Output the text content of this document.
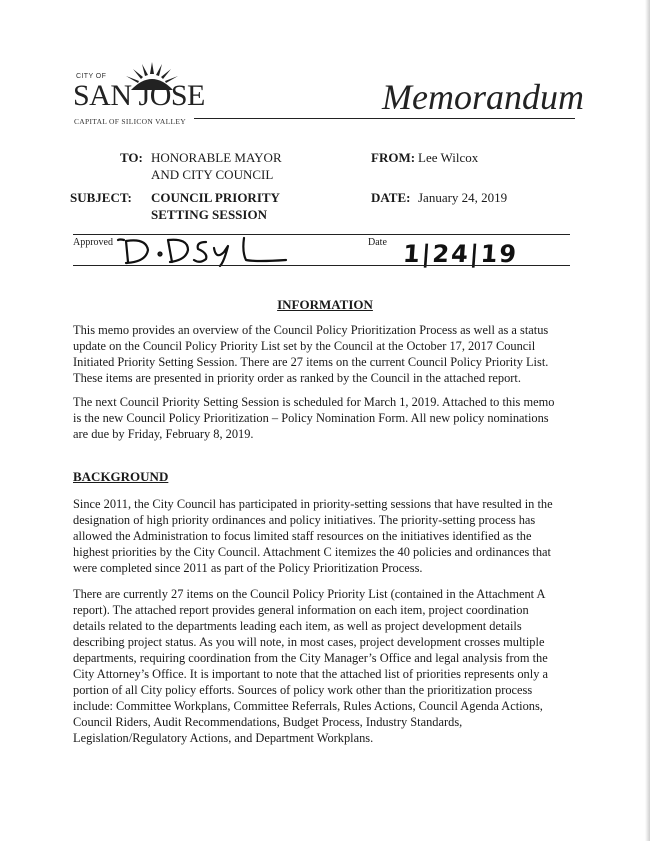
CITY OF
SAN JOSE
CAPITAL OF SILICON VALLEY
Memorandum
TO: HONORABLE MAYOR
AND CITY COUNCIL
FROM: Lee Wilcox
SUBJECT: COUNCIL PRIORITY
SETTING SESSION
DATE: January 24, 2019
Approved	Date 1|24|19
INFORMATION
This memo provides an overview of the Council Policy Prioritization Process as well as a status
update on the Council Policy Priority List set by the Council at the October 17, 2017 Council
Initiated Priority Setting Session. There are 27 items on the current Council Policy Priority List.
These items are presented in priority order as ranked by the Council in the attached report.
The next Council Priority Setting Session is scheduled for March 1, 2019. Attached to this memo
is the new Council Policy Prioritization – Policy Nomination Form. All new policy nominations
are due by Friday, February 8, 2019.
BACKGROUND
Since 2011, the City Council has participated in priority-setting sessions that have resulted in the
designation of high priority ordinances and policy initiatives. The priority-setting process has
allowed the Administration to focus limited staff resources on the initiatives identified as the
highest priorities by the City Council. Attachment C itemizes the 40 policies and ordinances that
were completed since 2011 as part of the Policy Prioritization Process.
There are currently 27 items on the Council Policy Priority List (contained in the Attachment A
report). The attached report provides general information on each item, project coordination
details related to the departments leading each item, as well as project development details
describing project status. As you will note, in most cases, project development crosses multiple
departments, requiring coordination from the City Manager’s Office and legal analysis from the
City Attorney’s Office. It is important to note that the attached list of priorities represents only a
portion of all City policy efforts. Sources of policy work other than the prioritization process
include: Committee Workplans, Committee Referrals, Rules Actions, Council Agenda Actions,
Council Riders, Audit Recommendations, Budget Process, Industry Standards,
Legislation/Regulatory Actions, and Department Workplans.
